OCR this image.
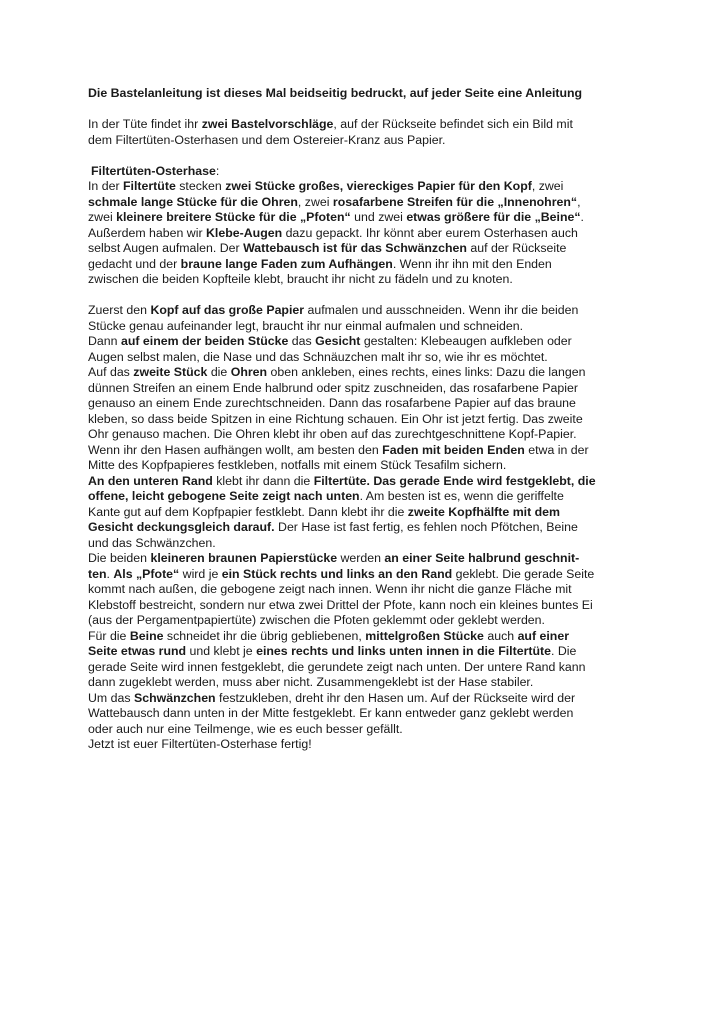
Die Bastelanleitung ist dieses Mal beidseitig bedruckt, auf jeder Seite eine Anleitung

In der Tüte findet ihr zwei Bastelvorschläge, auf der Rückseite befindet sich ein Bild mit
dem Filtertüten-Osterhasen und dem Ostereier-Kranz aus Papier.

Filtertüten-Osterhase:

In der Filtertüte stecken zwei Stücke großes, viereckiges Papier für den Kopf, zwei
schmale lange Stücke für die Ohren, zwei rosafarbene Streifen für die „Innenohren“,
zwei kleinere breitere Stücke für die „Pfoten“ und zwei etwas größere für die „Beine“.
Außerdem haben wir Klebe-Augen dazu gepackt. Ihr könnt aber eurem Osterhasen auch
selbst Augen aufmalen. Der Wattebausch ist für das Schwänzchen auf der Rückseite
gedacht und der braune lange Faden zum Aufhängen. Wenn ihr ihn mit den Enden
zwischen die beiden Kopfteile klebt, braucht ihr nicht zu fädeln und zu knoten.

Zuerst den Kopf auf das große Papier aufmalen und ausschneiden. Wenn ihr die beiden
Stücke genau aufeinander legt, braucht ihr nur einmal aufmalen und schneiden.
Dann auf einem der beiden Stücke das Gesicht gestalten: Klebeaugen aufkleben oder
Augen selbst malen, die Nase und das Schnäuzchen malt ihr so, wie ihr es möchtet.
Auf das zweite Stück die Ohren oben ankleben, eines rechts, eines links: Dazu die langen
dünnen Streifen an einem Ende halbrund oder spitz zuschneiden, das rosafarbene Papier
genauso an einem Ende zurechtschneiden. Dann das rosafarbene Papier auf das braune
kleben, so dass beide Spitzen in eine Richtung schauen. Ein Ohr ist jetzt fertig. Das zweite
Ohr genauso machen. Die Ohren klebt ihr oben auf das zurechtgeschnittene Kopf-Papier.
Wenn ihr den Hasen aufhängen wollt, am besten den Faden mit beiden Enden etwa in der
Mitte des Kopfpapieres festkleben, notfalls mit einem Stück Tesafilm sichern.
An den unteren Rand klebt ihr dann die Filtertüte. Das gerade Ende wird festgeklebt, die
offene, leicht gebogene Seite zeigt nach unten. Am besten ist es, wenn die geriffelte
Kante gut auf dem Kopfpapier festklebt. Dann klebt ihr die zweite Kopfhälfte mit dem
Gesicht deckungsgleich darauf. Der Hase ist fast fertig, es fehlen noch Pfötchen, Beine
und das Schwänzchen.
Die beiden kleineren braunen Papierstücke werden an einer Seite halbrund geschnit-
ten. Als „Pfote“ wird je ein Stück rechts und links an den Rand geklebt. Die gerade Seite
kommt nach außen, die gebogene zeigt nach innen. Wenn ihr nicht die ganze Fläche mit
Klebstoff bestreicht, sondern nur etwa zwei Drittel der Pfote, kann noch ein kleines buntes Ei
(aus der Pergamentpapiertüte) zwischen die Pfoten geklemmt oder geklebt werden.
Für die Beine schneidet ihr die übrig gebliebenen, mittelgroßen Stücke auch auf einer
Seite etwas rund und klebt je eines rechts und links unten innen in die Filtertüte. Die
gerade Seite wird innen festgeklebt, die gerundete zeigt nach unten. Der untere Rand kann
dann zugeklebt werden, muss aber nicht. Zusammengeklebt ist der Hase stabiler.
Um das Schwänzchen festzukleben, dreht ihr den Hasen um. Auf der Rückseite wird der
Wattebausch dann unten in der Mitte festgeklebt. Er kann entweder ganz geklebt werden
oder auch nur eine Teilmenge, wie es euch besser gefällt.
Jetzt ist euer Filtertüten-Osterhase fertig!
